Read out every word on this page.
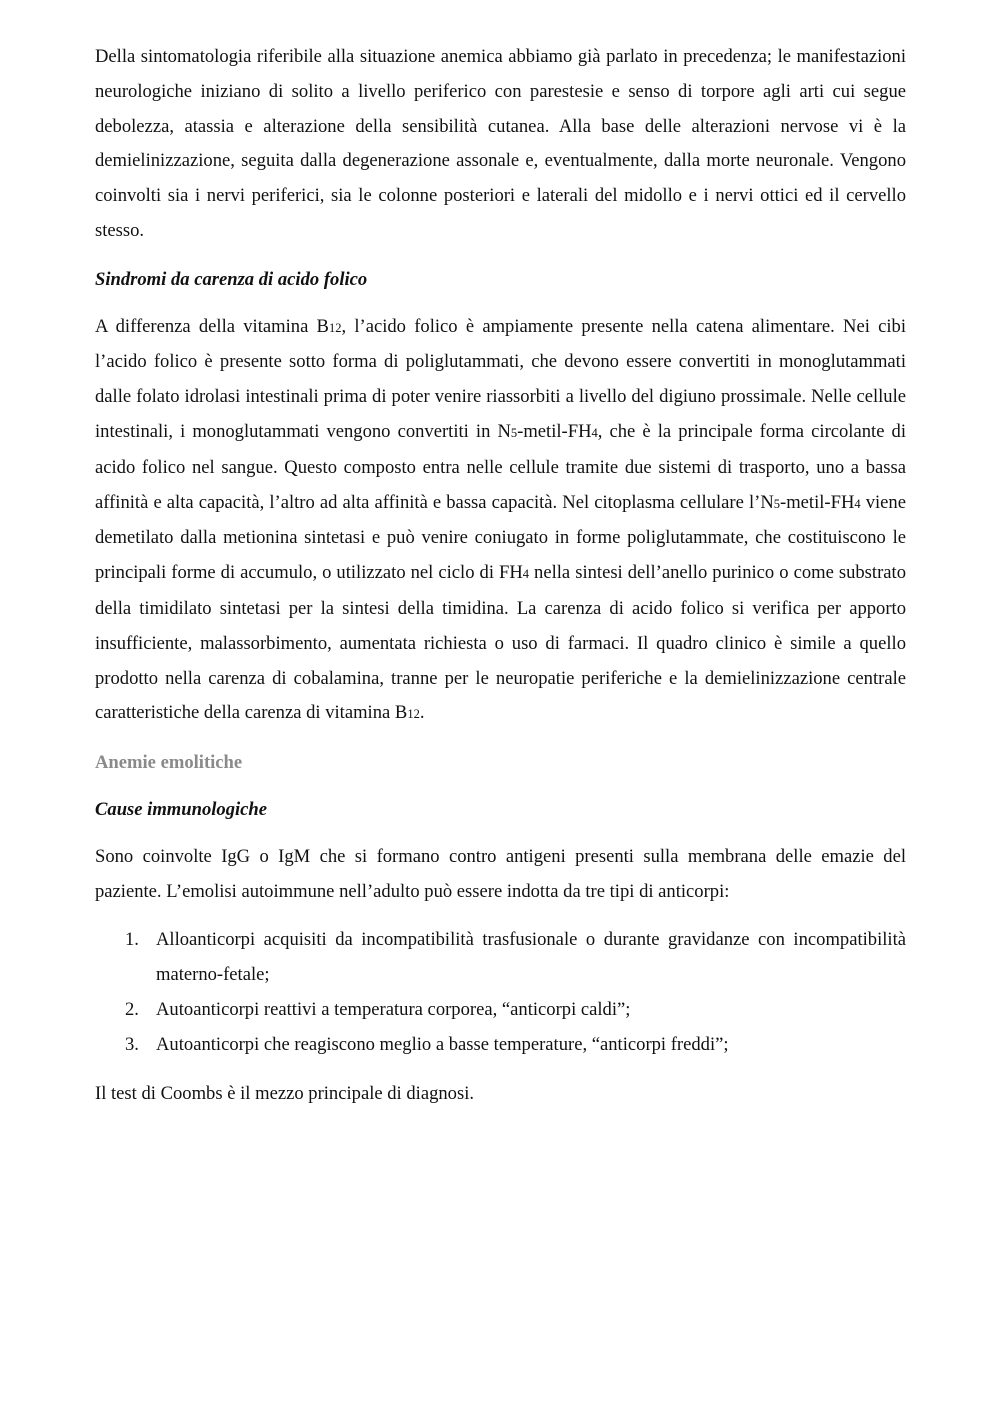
Della sintomatologia riferibile alla situazione anemica abbiamo già parlato in precedenza; le manifestazioni neurologiche iniziano di solito a livello periferico con parestesie e senso di torpore agli arti cui segue debolezza, atassia e alterazione della sensibilità cutanea. Alla base delle alterazioni nervose vi è la demielinizzazione, seguita dalla degenerazione assonale e, eventualmente, dalla morte neuronale. Vengono coinvolti sia i nervi periferici, sia le colonne posteriori e laterali del midollo e i nervi ottici ed il cervello stesso.

Sindromi da carenza di acido folico

A differenza della vitamina B12, l’acido folico è ampiamente presente nella catena alimentare. Nei cibi l’acido folico è presente sotto forma di poliglutammati, che devono essere convertiti in monoglutammati dalle folato idrolasi intestinali prima di poter venire riassorbiti a livello del digiuno prossimale. Nelle cellule intestinali, i monoglutammati vengono convertiti in N5-metil-FH4, che è la principale forma circolante di acido folico nel sangue. Questo composto entra nelle cellule tramite due sistemi di trasporto, uno a bassa affinità e alta capacità, l’altro ad alta affinità e bassa capacità. Nel citoplasma cellulare l’N5-metil-FH4 viene demetilato dalla metionina sintetasi e può venire coniugato in forme poliglutammate, che costituiscono le principali forme di accumulo, o utilizzato nel ciclo di FH4 nella sintesi dell’anello purinico o come substrato della timidilato sintetasi per la sintesi della timidina. La carenza di acido folico si verifica per apporto insufficiente, malassorbimento, aumentata richiesta o uso di farmaci. Il quadro clinico è simile a quello prodotto nella carenza di cobalamina, tranne per le neuropatie periferiche e la demielinizzazione centrale caratteristiche della carenza di vitamina B12.

Anemie emolitiche

Cause immunologiche

Sono coinvolte IgG o IgM che si formano contro antigeni presenti sulla membrana delle emazie del paziente. L’emolisi autoimmune nell’adulto può essere indotta da tre tipi di anticorpi:

1. Alloanticorpi acquisiti da incompatibilità trasfusionale o durante gravidanze con incompatibilità materno-fetale;
2. Autoanticorpi reattivi a temperatura corporea, “anticorpi caldi”;
3. Autoanticorpi che reagiscono meglio a basse temperature, “anticorpi freddi”;

Il test di Coombs è il mezzo principale di diagnosi.
